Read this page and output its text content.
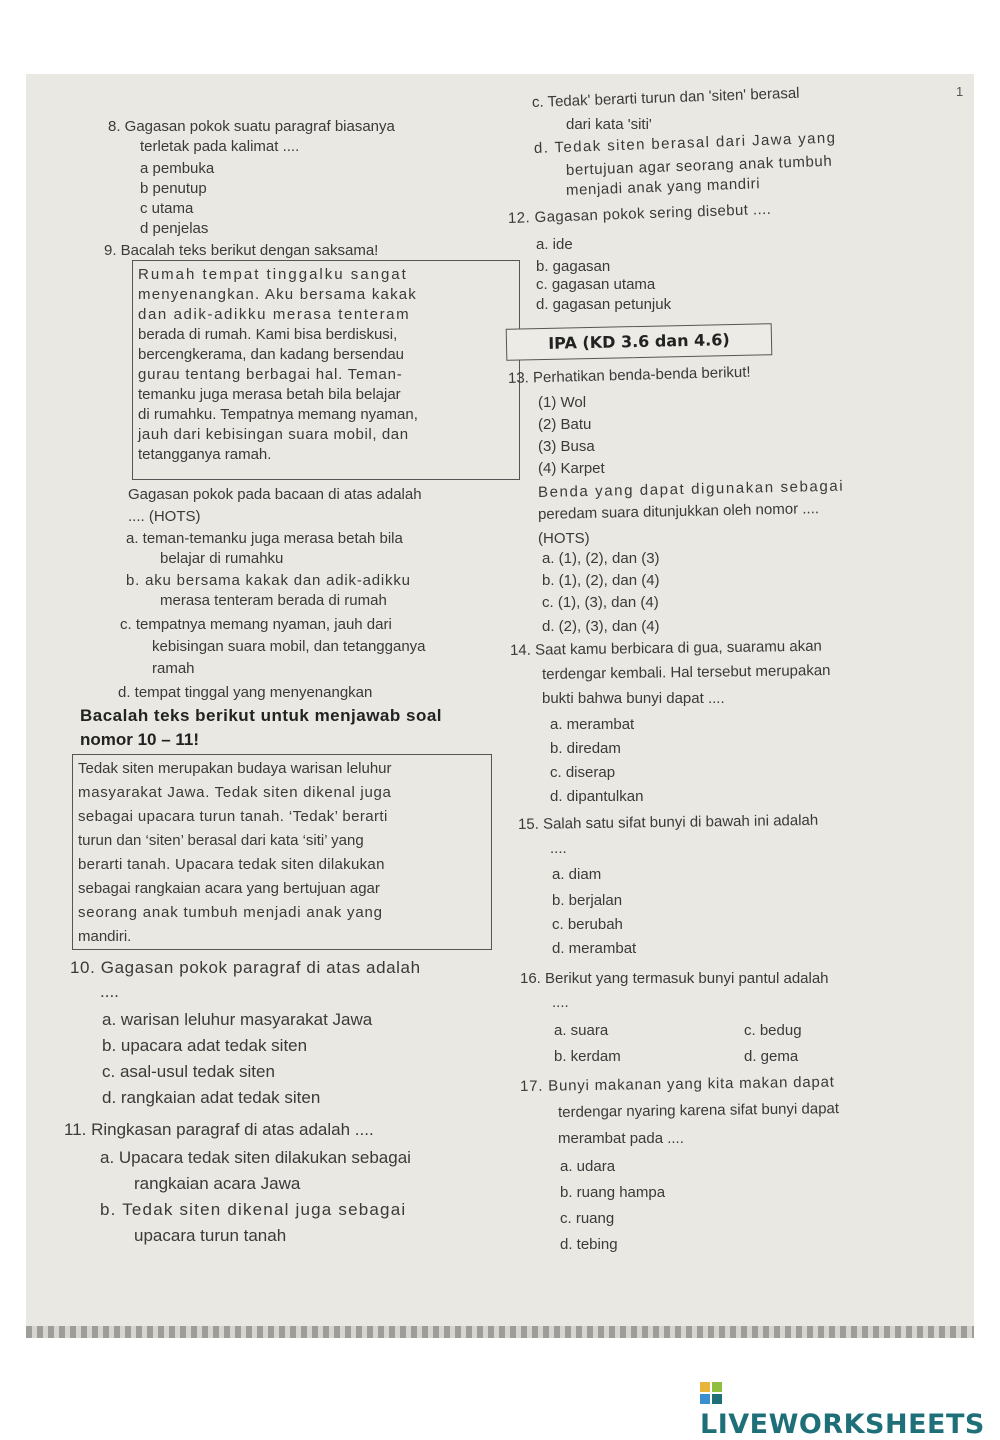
1
8. Gagasan pokok suatu paragraf biasanya
terletak pada kalimat ....
a pembuka
b penutup
c utama
d penjelas
9. Bacalah teks berikut dengan saksama!
Rumah tempat tinggalku sangat
menyenangkan. Aku bersama kakak
dan adik-adikku merasa tenteram
berada di rumah. Kami bisa berdiskusi,
bercengkerama, dan kadang bersendau
gurau tentang berbagai hal. Teman-
temanku juga merasa betah bila belajar
di rumahku. Tempatnya memang nyaman,
jauh dari kebisingan suara mobil, dan
tetangganya ramah.
Gagasan pokok pada bacaan di atas adalah
.... (HOTS)
a. teman-temanku juga merasa betah bila
belajar di rumahku
b. aku bersama kakak dan adik-adikku
merasa tenteram berada di rumah
c. tempatnya memang nyaman, jauh dari
kebisingan suara mobil, dan tetangganya
ramah
d. tempat tinggal yang menyenangkan
Bacalah teks berikut untuk menjawab soal
nomor 10 – 11!
Tedak siten merupakan budaya warisan leluhur
masyarakat Jawa. Tedak siten dikenal juga
sebagai upacara turun tanah. ‘Tedak’ berarti
turun dan ‘siten’ berasal dari kata ‘siti’ yang
berarti tanah. Upacara tedak siten dilakukan
sebagai rangkaian acara yang bertujuan agar
seorang anak tumbuh menjadi anak yang
mandiri.
10. Gagasan pokok paragraf di atas adalah
....
a. warisan leluhur masyarakat Jawa
b. upacara adat tedak siten
c. asal-usul tedak siten
d. rangkaian adat tedak siten
11. Ringkasan paragraf di atas adalah ....
a. Upacara tedak siten dilakukan sebagai
rangkaian acara Jawa
b. Tedak siten dikenal juga sebagai
upacara turun tanah
c. Tedak' berarti turun dan 'siten' berasal
dari kata 'siti'
d. Tedak siten berasal dari Jawa yang
bertujuan agar seorang anak tumbuh
menjadi anak yang mandiri
12. Gagasan pokok sering disebut ....
a. ide
b. gagasan
c. gagasan utama
d. gagasan petunjuk
IPA (KD 3.6 dan 4.6)
13. Perhatikan benda-benda berikut!
(1) Wol
(2) Batu
(3) Busa
(4) Karpet
Benda yang dapat digunakan sebagai
peredam suara ditunjukkan oleh nomor ....
(HOTS)
a. (1), (2), dan (3)
b. (1), (2), dan (4)
c. (1), (3), dan (4)
d. (2), (3), dan (4)
14. Saat kamu berbicara di gua, suaramu akan
terdengar kembali. Hal tersebut merupakan
bukti bahwa bunyi dapat ....
a. merambat
b. diredam
c. diserap
d. dipantulkan
15. Salah satu sifat bunyi di bawah ini adalah
....
a. diam
b. berjalan
c. berubah
d. merambat
16. Berikut yang termasuk bunyi pantul adalah
....
a. suara	c. bedug
b. kerdam	d. gema
17. Bunyi makanan yang kita makan dapat
terdengar nyaring karena sifat bunyi dapat
merambat pada ....
a. udara
b. ruang hampa
c. ruang
d. tebing
LIVEWORKSHEETS
